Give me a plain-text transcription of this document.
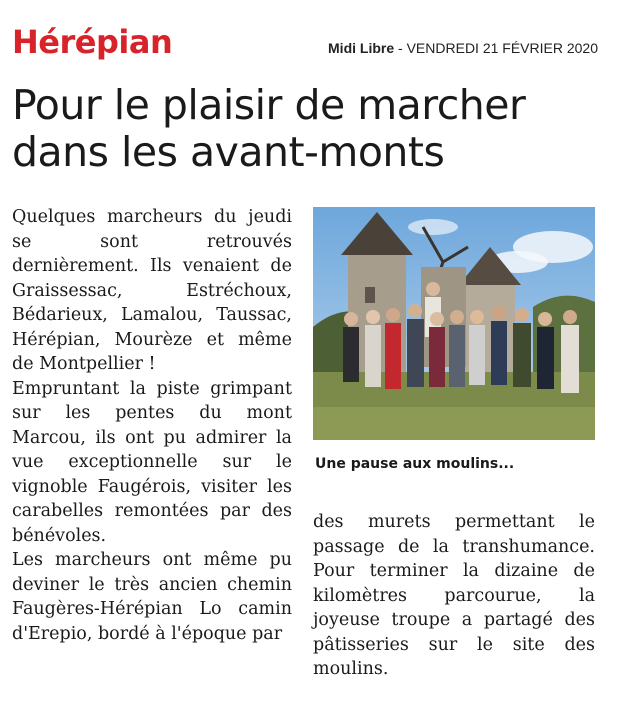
Hérépian	Midi Libre - VENDREDI 21 FÉVRIER 2020
Pour le plaisir de marcher dans les avant-monts

Quelques marcheurs du jeudi se sont retrouvés dernièrement. Ils venaient de Graissessac, Estréchoux, Bédarieux, Lamalou, Taussac, Hérépian, Mourèze et même de Montpellier !

Empruntant la piste grimpant sur les pentes du mont Marcou, ils ont pu admirer la vue exceptionnelle sur le vignoble Faugérois, visiter les carabelles remontées par des bénévoles.

Les marcheurs ont même pu deviner le très ancien chemin Faugères-Hérépian Lo camin d'Erepio, bordé à l'époque par

Une pause aux moulins...

des murets permettant le passage de la transhumance. Pour terminer la dizaine de kilomètres parcourue, la joyeuse troupe a partagé des pâtisseries sur le site des moulins.
